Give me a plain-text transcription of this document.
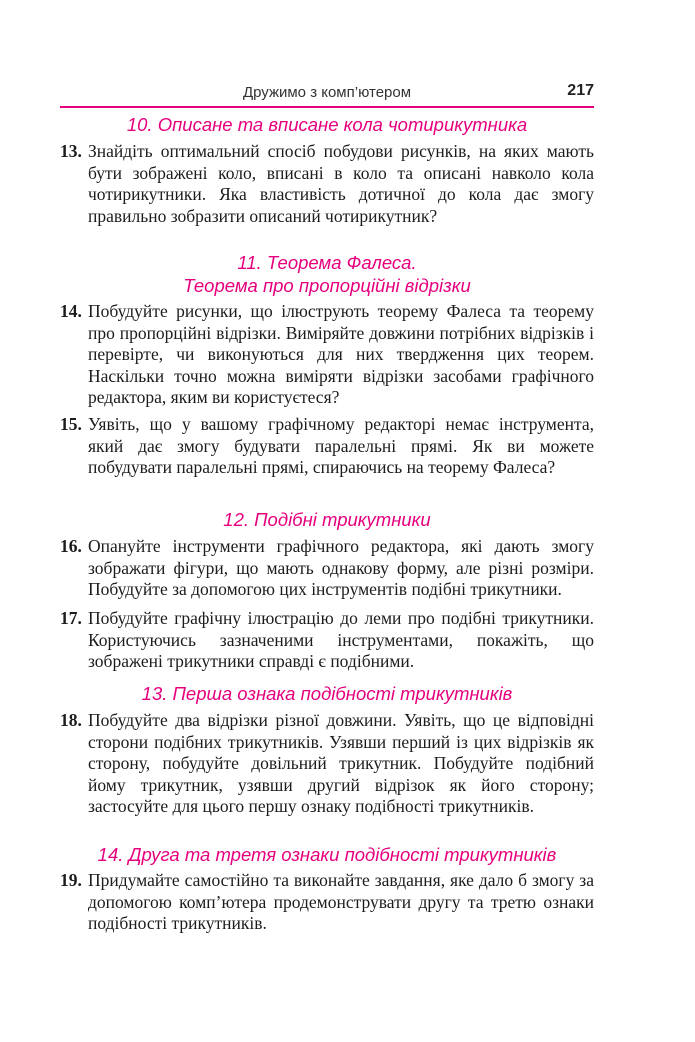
Дружимо з комп’ютером	217
10. Описане та вписане кола чотирикутника
13. Знайдіть оптимальний спосіб побудови рисунків, на яких мають бути зображені коло, вписані в коло та описані навколо кола чотирикутники. Яка властивість дотичної до кола дає змогу правильно зобразити описаний чотирикутник?
11. Теорема Фалеса.
Теорема про пропорційні відрізки
14. Побудуйте рисунки, що ілюструють теорему Фалеса та теорему про пропорційні відрізки. Виміряйте довжини потрібних відрізків і перевірте, чи виконуються для них твердження цих теорем. Наскільки точно можна виміряти відрізки засобами графічного редактора, яким ви користуєтеся?
15. Уявіть, що у вашому графічному редакторі немає інструмента, який дає змогу будувати паралельні прямі. Як ви можете побудувати паралельні прямі, спираючись на теорему Фалеса?
12. Подібні трикутники
16. Опануйте інструменти графічного редактора, які дають змогу зображати фігури, що мають однакову форму, але різні розміри. Побудуйте за допомогою цих інструментів подібні трикутники.
17. Побудуйте графічну ілюстрацію до леми про подібні трикутники. Користуючись зазначеними інструментами, покажіть, що зображені трикутники справді є подібними.
13. Перша ознака подібності трикутників
18. Побудуйте два відрізки різної довжини. Уявіть, що це відповідні сторони подібних трикутників. Узявши перший із цих відрізків як сторону, побудуйте довільний трикутник. Побудуйте подібний йому трикутник, узявши другий відрізок як його сторону; застосуйте для цього першу ознаку подібності трикутників.
14. Друга та третя ознаки подібності трикутників
19. Придумайте самостійно та виконайте завдання, яке дало б змогу за допомогою комп’ютера продемонструвати другу та третю ознаки подібності трикутників.
